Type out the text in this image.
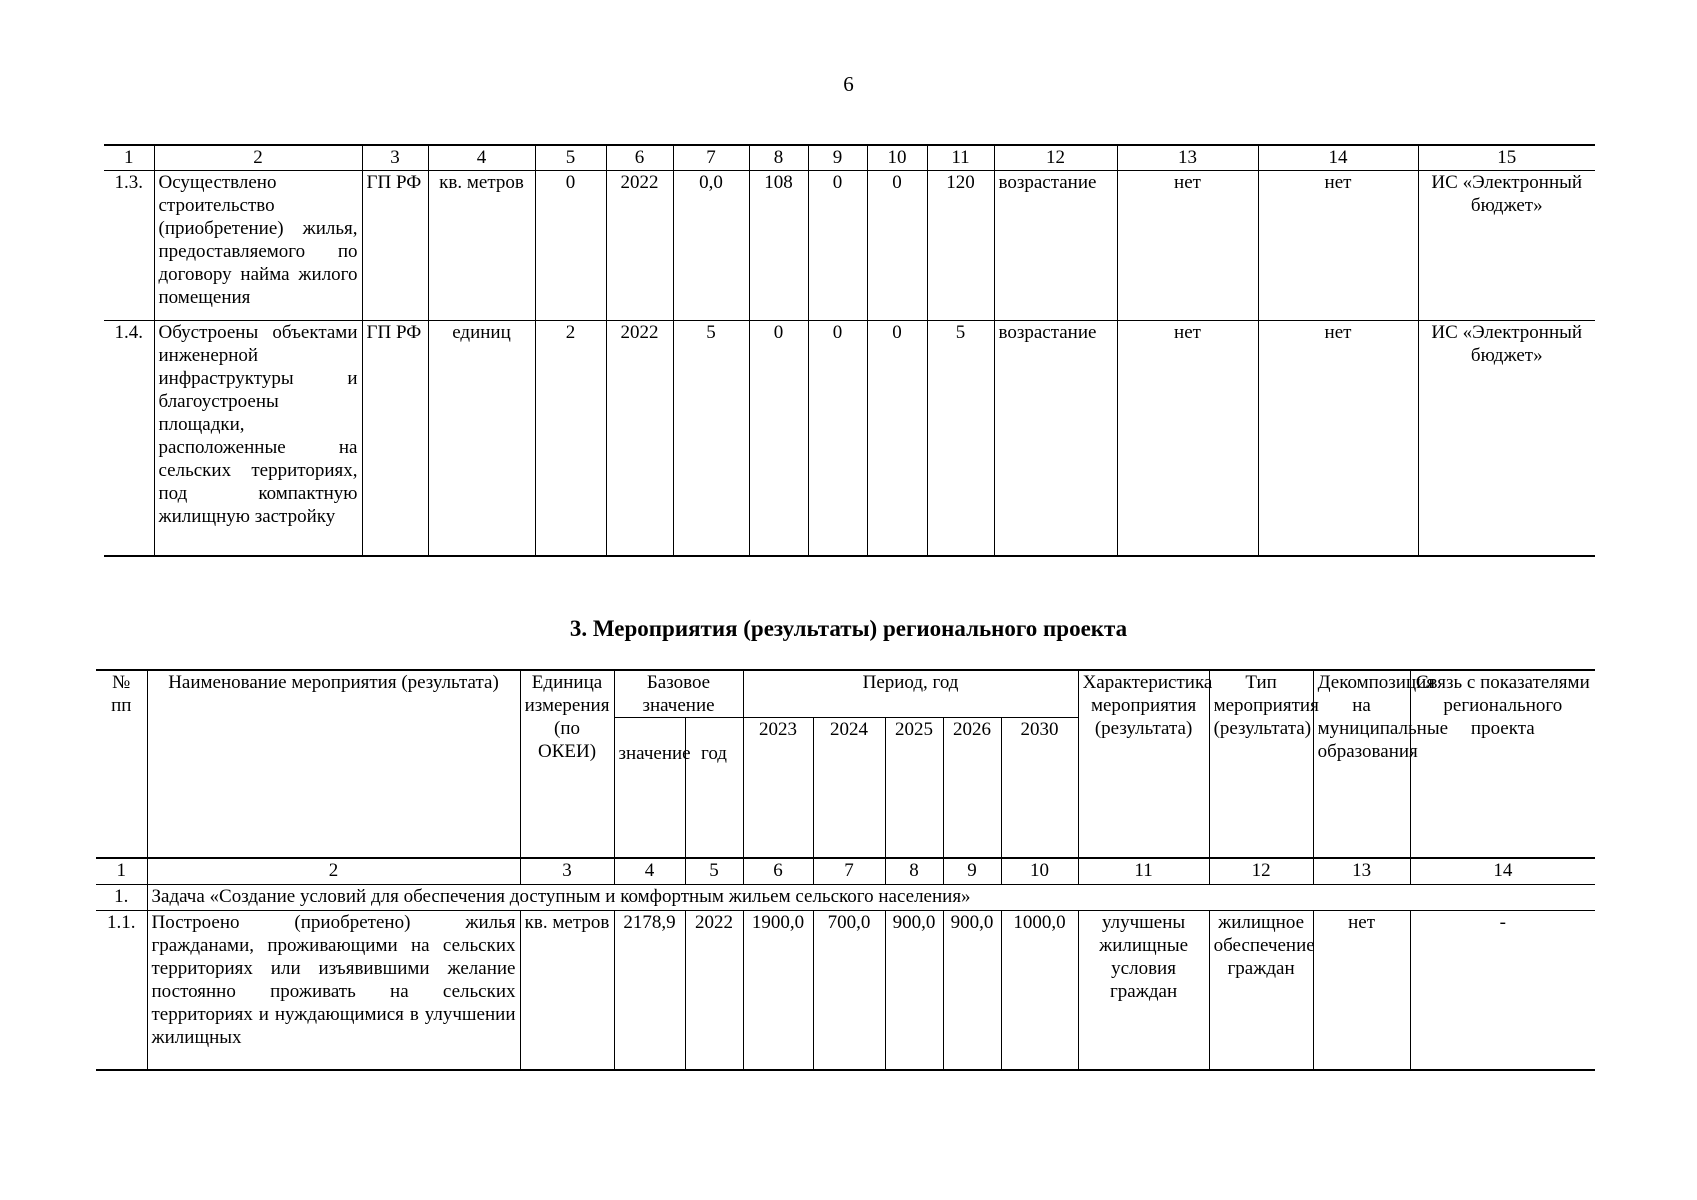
6
1	2	3	4	5	6	7	8	9	10	11	12	13	14	15
1.3.	Осуществлено строительство (приобретение) жилья, предоставляемого по договору найма жилого помещения	ГП РФ	кв. метров	0	2022	0,0	108	0	0	120	возрастание	нет	нет	ИС «Электронный бюджет»
1.4.	Обустроены объектами инженерной инфраструктуры и благоустроены площадки, расположенные на сельских территориях, под компактную жилищную застройку	ГП РФ	единиц	2	2022	5	0	0	0	5	возрастание	нет	нет	ИС «Электронный бюджет»
3. Мероприятия (результаты) регионального проекта
№ пп	Наименование мероприятия (результата)	Единица измерения (по ОКЕИ)	Базовое значение		Период, год					Характеристика мероприятия (результата)	Тип мероприятия (результата)	Декомпозиция на муниципальные образования	Связь с показателями регионального проекта
			значение	год	2023	2024	2025	2026	2030				

1	2	3	4	5	6	7	8	9	10	11	12	13	14
1.	Задача «Создание условий для обеспечения доступным и комфортным жильем сельского населения»												
1.1.	Построено (приобретено) жилья гражданами, проживающими на сельских территориях или изъявившими желание постоянно проживать на сельских территориях и нуждающимися в улучшении жилищных	кв. метров	2178,9	2022	1900,0	700,0	900,0	900,0	1000,0	улучшены жилищные условия граждан	жилищное обеспечение граждан	нет	-
